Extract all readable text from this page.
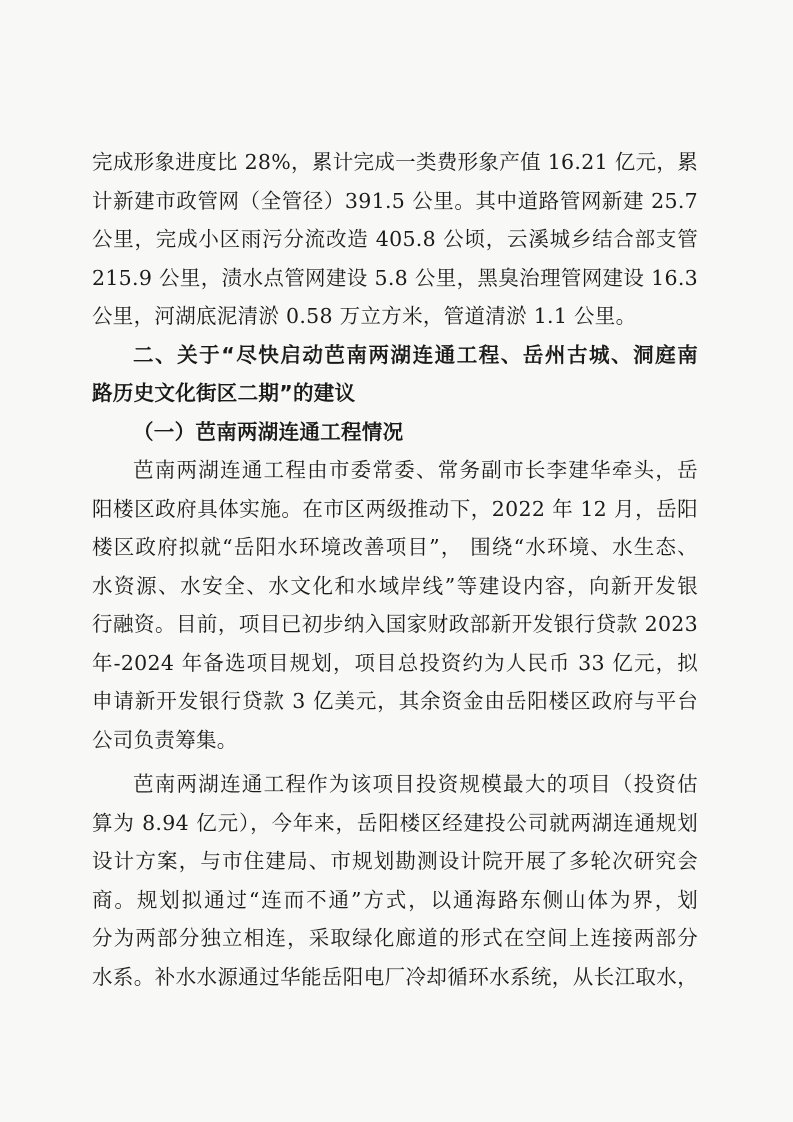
完成形象进度比 28%，累计完成一类费形象产值 16.21 亿元，累
计新建市政管网（全管径）391.5 公里。其中道路管网新建 25.7
公里，完成小区雨污分流改造 405.8 公顷，云溪城乡结合部支管
215.9 公里，渍水点管网建设 5.8 公里，黑臭治理管网建设 16.3
公里，河湖底泥清淤 0.58 万立方米，管道清淤 1.1 公里。
二、关于“尽快启动芭南两湖连通工程、岳州古城、洞庭南
路历史文化街区二期”的建议
（一）芭南两湖连通工程情况
芭南两湖连通工程由市委常委、常务副市长李建华牵头，岳
阳楼区政府具体实施。在市区两级推动下，2022 年 12 月，岳阳
楼区政府拟就“岳阳水环境改善项目”， 围绕“水环境、水生态、
水资源、水安全、水文化和水域岸线”等建设内容，向新开发银
行融资。目前，项目已初步纳入国家财政部新开发银行贷款 2023
年-2024 年备选项目规划，项目总投资约为人民币 33 亿元，拟
申请新开发银行贷款 3 亿美元，其余资金由岳阳楼区政府与平台
公司负责筹集。
芭南两湖连通工程作为该项目投资规模最大的项目（投资估
算为 8.94 亿元），今年来，岳阳楼区经建投公司就两湖连通规划
设计方案，与市住建局、市规划勘测设计院开展了多轮次研究会
商。规划拟通过“连而不通”方式，以通海路东侧山体为界，划
分为两部分独立相连，采取绿化廊道的形式在空间上连接两部分
水系。补水水源通过华能岳阳电厂冷却循环水系统，从长江取水，
